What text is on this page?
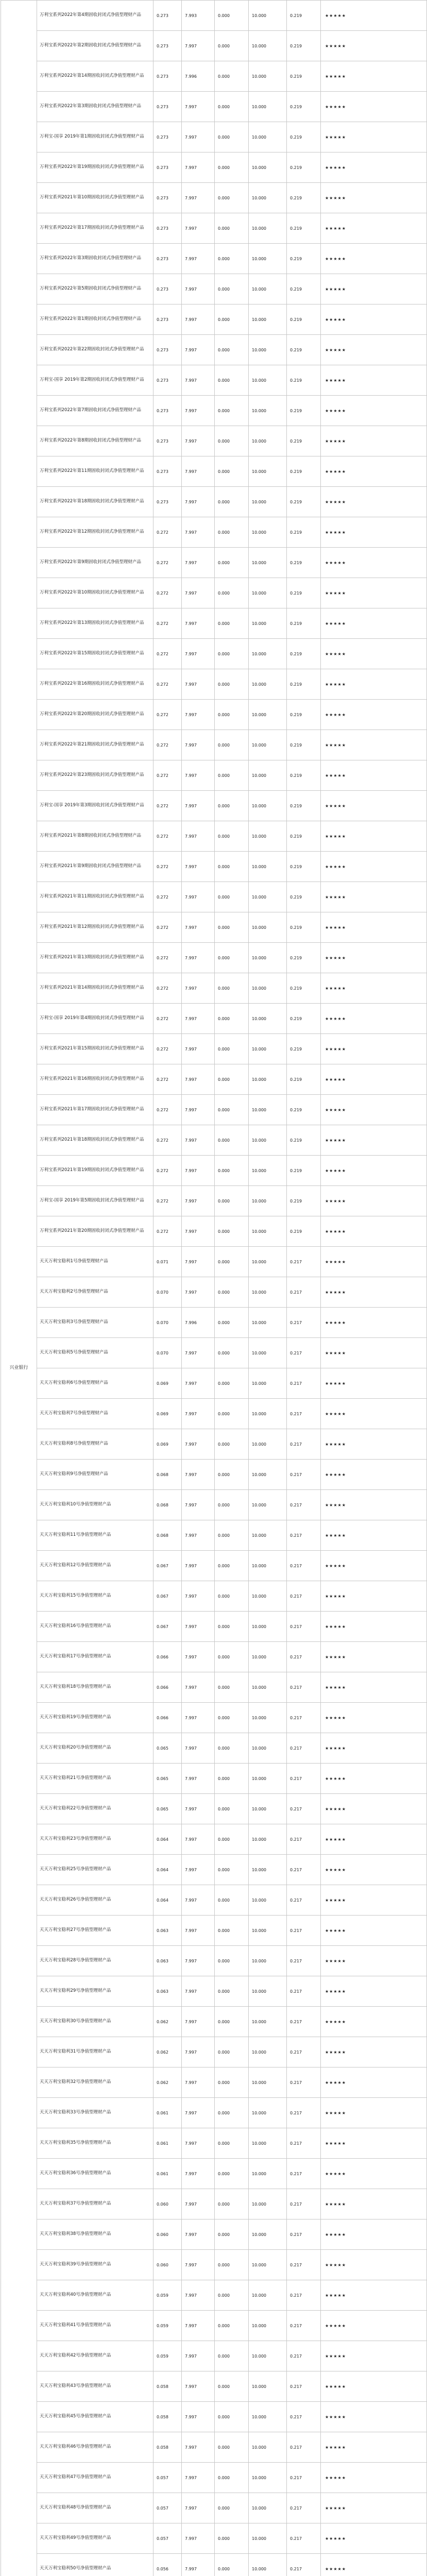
兴业银行	万利宝系列2022年第4期固收封闭式净值型理财产品	0.273	7.993	0.000	10.000	0.219	★★★★★
	万利宝系列2022年第2期固收封闭式净值型理财产品	0.273	7.997	0.000	10.000	0.219	★★★★★
	万利宝系列2022年第14期固收封闭式净值型理财产品	0.273	7.996	0.000	10.000	0.219	★★★★★
	万利宝系列2022年第3期固收封闭式净值型理财产品	0.273	7.997	0.000	10.000	0.219	★★★★★
	万利宝-国享 2019年第1期固收封闭式净值型理财产品	0.273	7.997	0.000	10.000	0.219	★★★★★
	万利宝系列2022年第19期固收封闭式净值型理财产品	0.273	7.997	0.000	10.000	0.219	★★★★★
	万利宝系列2021年第10期固收封闭式净值型理财产品	0.273	7.997	0.000	10.000	0.219	★★★★★
	万利宝系列2022年第17期固收封闭式净值型理财产品	0.273	7.997	0.000	10.000	0.219	★★★★★
	万利宝系列2022年第3期固收封闭式净值型理财产品	0.273	7.997	0.000	10.000	0.219	★★★★★
	万利宝系列2022年第5期固收封闭式净值型理财产品	0.273	7.997	0.000	10.000	0.219	★★★★★
	万利宝系列2022年第1期固收封闭式净值型理财产品	0.273	7.997	0.000	10.000	0.219	★★★★★
	万利宝系列2022年第22期固收封闭式净值型理财产品	0.273	7.997	0.000	10.000	0.219	★★★★★
	万利宝-国享 2019年第2期固收封闭式净值型理财产品	0.273	7.997	0.000	10.000	0.219	★★★★★
	万利宝系列2022年第7期固收封闭式净值型理财产品	0.273	7.997	0.000	10.000	0.219	★★★★★
	万利宝系列2022年第8期固收封闭式净值型理财产品	0.273	7.997	0.000	10.000	0.219	★★★★★
	万利宝系列2022年第11期固收封闭式净值型理财产品	0.273	7.997	0.000	10.000	0.219	★★★★★
	万利宝系列2022年第18期固收封闭式净值型理财产品	0.273	7.997	0.000	10.000	0.219	★★★★★
	万利宝系列2022年第12期固收封闭式净值型理财产品	0.272	7.997	0.000	10.000	0.219	★★★★★
	万利宝系列2022年第9期固收封闭式净值型理财产品	0.272	7.997	0.000	10.000	0.219	★★★★★
	万利宝系列2022年第10期固收封闭式净值型理财产品	0.272	7.997	0.000	10.000	0.219	★★★★★
	万利宝系列2022年第13期固收封闭式净值型理财产品	0.272	7.997	0.000	10.000	0.219	★★★★★
	万利宝系列2022年第15期固收封闭式净值型理财产品	0.272	7.997	0.000	10.000	0.219	★★★★★
	万利宝系列2022年第16期固收封闭式净值型理财产品	0.272	7.997	0.000	10.000	0.219	★★★★★
	万利宝系列2022年第20期固收封闭式净值型理财产品	0.272	7.997	0.000	10.000	0.219	★★★★★
	万利宝系列2022年第21期固收封闭式净值型理财产品	0.272	7.997	0.000	10.000	0.219	★★★★★
	万利宝系列2022年第23期固收封闭式净值型理财产品	0.272	7.997	0.000	10.000	0.219	★★★★★
	万利宝-国享 2019年第3期固收封闭式净值型理财产品	0.272	7.997	0.000	10.000	0.219	★★★★★
	万利宝系列2021年第8期固收封闭式净值型理财产品	0.272	7.997	0.000	10.000	0.219	★★★★★
	万利宝系列2021年第9期固收封闭式净值型理财产品	0.272	7.997	0.000	10.000	0.219	★★★★★
	万利宝系列2021年第11期固收封闭式净值型理财产品	0.272	7.997	0.000	10.000	0.219	★★★★★
	万利宝系列2021年第12期固收封闭式净值型理财产品	0.272	7.997	0.000	10.000	0.219	★★★★★
	万利宝系列2021年第13期固收封闭式净值型理财产品	0.272	7.997	0.000	10.000	0.219	★★★★★
	万利宝系列2021年第14期固收封闭式净值型理财产品	0.272	7.997	0.000	10.000	0.219	★★★★★
	万利宝-国享 2019年第4期固收封闭式净值型理财产品	0.272	7.997	0.000	10.000	0.219	★★★★★
	万利宝系列2021年第15期固收封闭式净值型理财产品	0.272	7.997	0.000	10.000	0.219	★★★★★
	万利宝系列2021年第16期固收封闭式净值型理财产品	0.272	7.997	0.000	10.000	0.219	★★★★★
	万利宝系列2021年第17期固收封闭式净值型理财产品	0.272	7.997	0.000	10.000	0.219	★★★★★
	万利宝系列2021年第18期固收封闭式净值型理财产品	0.272	7.997	0.000	10.000	0.219	★★★★★
	万利宝系列2021年第19期固收封闭式净值型理财产品	0.272	7.997	0.000	10.000	0.219	★★★★★
	万利宝-国享 2019年第5期固收封闭式净值型理财产品	0.272	7.997	0.000	10.000	0.219	★★★★★
	万利宝系列2021年第20期固收封闭式净值型理财产品	0.272	7.997	0.000	10.000	0.219	★★★★★
	天天万利宝稳利1号净值型理财产品	0.071	7.997	0.000	10.000	0.217	★★★★★
	天天万利宝稳利2号净值型理财产品	0.070	7.997	0.000	10.000	0.217	★★★★★
	天天万利宝稳利3号净值型理财产品	0.070	7.996	0.000	10.000	0.217	★★★★★
	天天万利宝稳利5号净值型理财产品	0.070	7.997	0.000	10.000	0.217	★★★★★
	天天万利宝稳利6号净值型理财产品	0.069	7.997	0.000	10.000	0.217	★★★★★
	天天万利宝稳利7号净值型理财产品	0.069	7.997	0.000	10.000	0.217	★★★★★
	天天万利宝稳利8号净值型理财产品	0.069	7.997	0.000	10.000	0.217	★★★★★
	天天万利宝稳利9号净值型理财产品	0.068	7.997	0.000	10.000	0.217	★★★★★
	天天万利宝稳利10号净值型理财产品	0.068	7.997	0.000	10.000	0.217	★★★★★
	天天万利宝稳利11号净值型理财产品	0.068	7.997	0.000	10.000	0.217	★★★★★
	天天万利宝稳利12号净值型理财产品	0.067	7.997	0.000	10.000	0.217	★★★★★
	天天万利宝稳利15号净值型理财产品	0.067	7.997	0.000	10.000	0.217	★★★★★
	天天万利宝稳利16号净值型理财产品	0.067	7.997	0.000	10.000	0.217	★★★★★
	天天万利宝稳利17号净值型理财产品	0.066	7.997	0.000	10.000	0.217	★★★★★
	天天万利宝稳利18号净值型理财产品	0.066	7.997	0.000	10.000	0.217	★★★★★
	天天万利宝稳利19号净值型理财产品	0.066	7.997	0.000	10.000	0.217	★★★★★
	天天万利宝稳利20号净值型理财产品	0.065	7.997	0.000	10.000	0.217	★★★★★
	天天万利宝稳利21号净值型理财产品	0.065	7.997	0.000	10.000	0.217	★★★★★
	天天万利宝稳利22号净值型理财产品	0.065	7.997	0.000	10.000	0.217	★★★★★
	天天万利宝稳利23号净值型理财产品	0.064	7.997	0.000	10.000	0.217	★★★★★
	天天万利宝稳利25号净值型理财产品	0.064	7.997	0.000	10.000	0.217	★★★★★
	天天万利宝稳利26号净值型理财产品	0.064	7.997	0.000	10.000	0.217	★★★★★
	天天万利宝稳利27号净值型理财产品	0.063	7.997	0.000	10.000	0.217	★★★★★
	天天万利宝稳利28号净值型理财产品	0.063	7.997	0.000	10.000	0.217	★★★★★
	天天万利宝稳利29号净值型理财产品	0.063	7.997	0.000	10.000	0.217	★★★★★
	天天万利宝稳利30号净值型理财产品	0.062	7.997	0.000	10.000	0.217	★★★★★
	天天万利宝稳利31号净值型理财产品	0.062	7.997	0.000	10.000	0.217	★★★★★
	天天万利宝稳利32号净值型理财产品	0.062	7.997	0.000	10.000	0.217	★★★★★
	天天万利宝稳利33号净值型理财产品	0.061	7.997	0.000	10.000	0.217	★★★★★
	天天万利宝稳利35号净值型理财产品	0.061	7.997	0.000	10.000	0.217	★★★★★
	天天万利宝稳利36号净值型理财产品	0.061	7.997	0.000	10.000	0.217	★★★★★
	天天万利宝稳利37号净值型理财产品	0.060	7.997	0.000	10.000	0.217	★★★★★
	天天万利宝稳利38号净值型理财产品	0.060	7.997	0.000	10.000	0.217	★★★★★
	天天万利宝稳利39号净值型理财产品	0.060	7.997	0.000	10.000	0.217	★★★★★
	天天万利宝稳利40号净值型理财产品	0.059	7.997	0.000	10.000	0.217	★★★★★
	天天万利宝稳利41号净值型理财产品	0.059	7.997	0.000	10.000	0.217	★★★★★
	天天万利宝稳利42号净值型理财产品	0.059	7.997	0.000	10.000	0.217	★★★★★
	天天万利宝稳利43号净值型理财产品	0.058	7.997	0.000	10.000	0.217	★★★★★
	天天万利宝稳利45号净值型理财产品	0.058	7.997	0.000	10.000	0.217	★★★★★
	天天万利宝稳利46号净值型理财产品	0.058	7.997	0.000	10.000	0.217	★★★★★
	天天万利宝稳利47号净值型理财产品	0.057	7.997	0.000	10.000	0.217	★★★★★
	天天万利宝稳利48号净值型理财产品	0.057	7.997	0.000	10.000	0.217	★★★★★
	天天万利宝稳利49号净值型理财产品	0.057	7.997	0.000	10.000	0.217	★★★★★
	天天万利宝稳利50号净值型理财产品	0.056	7.997	0.000	10.000	0.217	★★★★★
